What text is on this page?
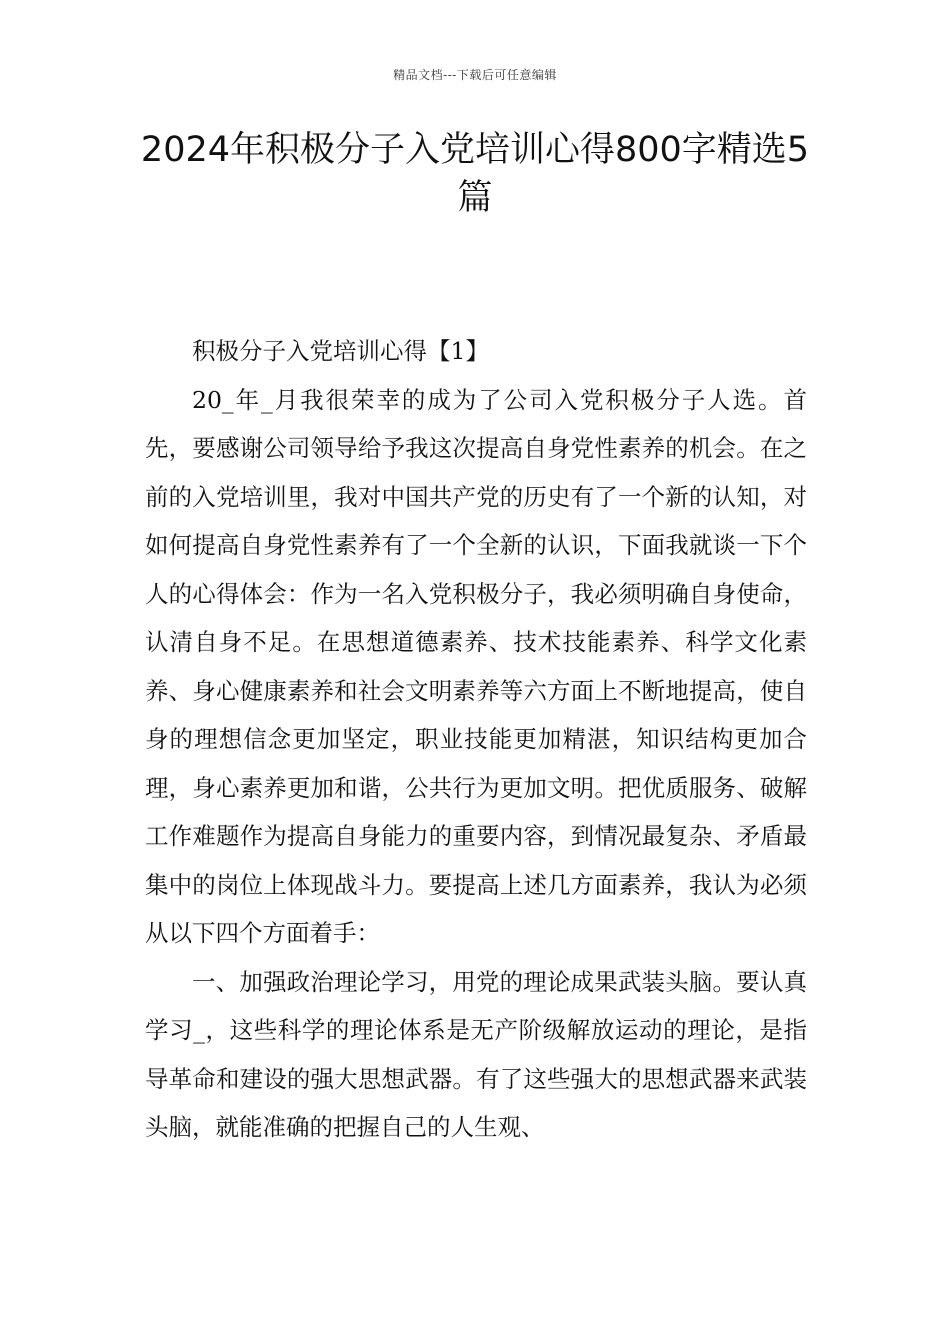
精品文档---下载后可任意编辑
2024年积极分子入党培训心得800字精选5篇

积极分子入党培训心得【1】

20_年_月我很荣幸的成为了公司入党积极分子人选。首先，要感谢公司领导给予我这次提高自身党性素养的机会。在之前的入党培训里，我对中国共产党的历史有了一个新的认知，对如何提高自身党性素养有了一个全新的认识，下面我就谈一下个人的心得体会：作为一名入党积极分子，我必须明确自身使命，认清自身不足。在思想道德素养、技术技能素养、科学文化素养、身心健康素养和社会文明素养等六方面上不断地提高，使自身的理想信念更加坚定，职业技能更加精湛，知识结构更加合理，身心素养更加和谐，公共行为更加文明。把优质服务、破解工作难题作为提高自身能力的重要内容，到情况最复杂、矛盾最集中的岗位上体现战斗力。要提高上述几方面素养，我认为必须从以下四个方面着手：

一、加强政治理论学习，用党的理论成果武装头脑。要认真学习_，这些科学的理论体系是无产阶级解放运动的理论，是指导革命和建设的强大思想武器。有了这些强大的思想武器来武装头脑，就能准确的把握自己的人生观、
